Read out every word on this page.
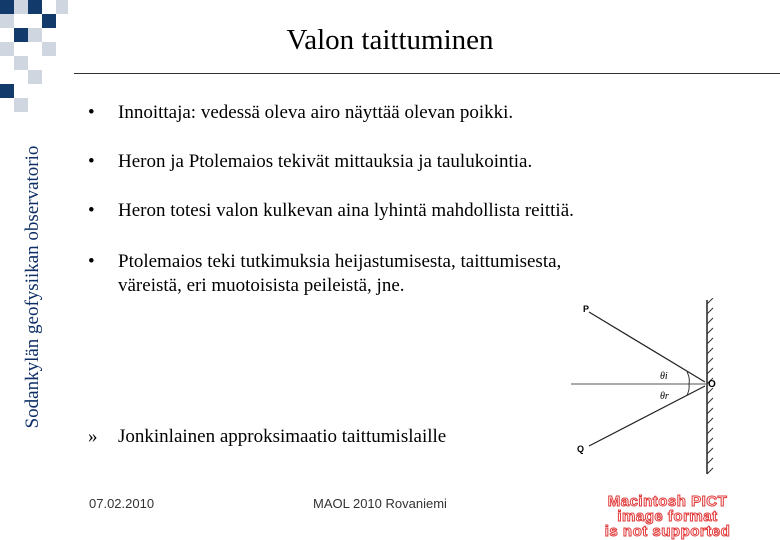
Sodankylän geofysiikan observatorio
Valon taittuminen
• Innoittaja: vedessä oleva airo näyttää olevan poikki.
• Heron ja Ptolemaios tekivät mittauksia ja taulukointia.
• Heron totesi valon kulkevan aina lyhintä mahdollista reittiä.
• Ptolemaios teki tutkimuksia heijastumisesta, taittumisesta,
väreistä, eri muotoisista peileistä, jne.
» Jonkinlainen approksimaatio taittumislaille
P
Q
O
θi
θr
07.02.2010	MAOL 2010 Rovaniemi	Macintosh PICT
image format
is not supported
